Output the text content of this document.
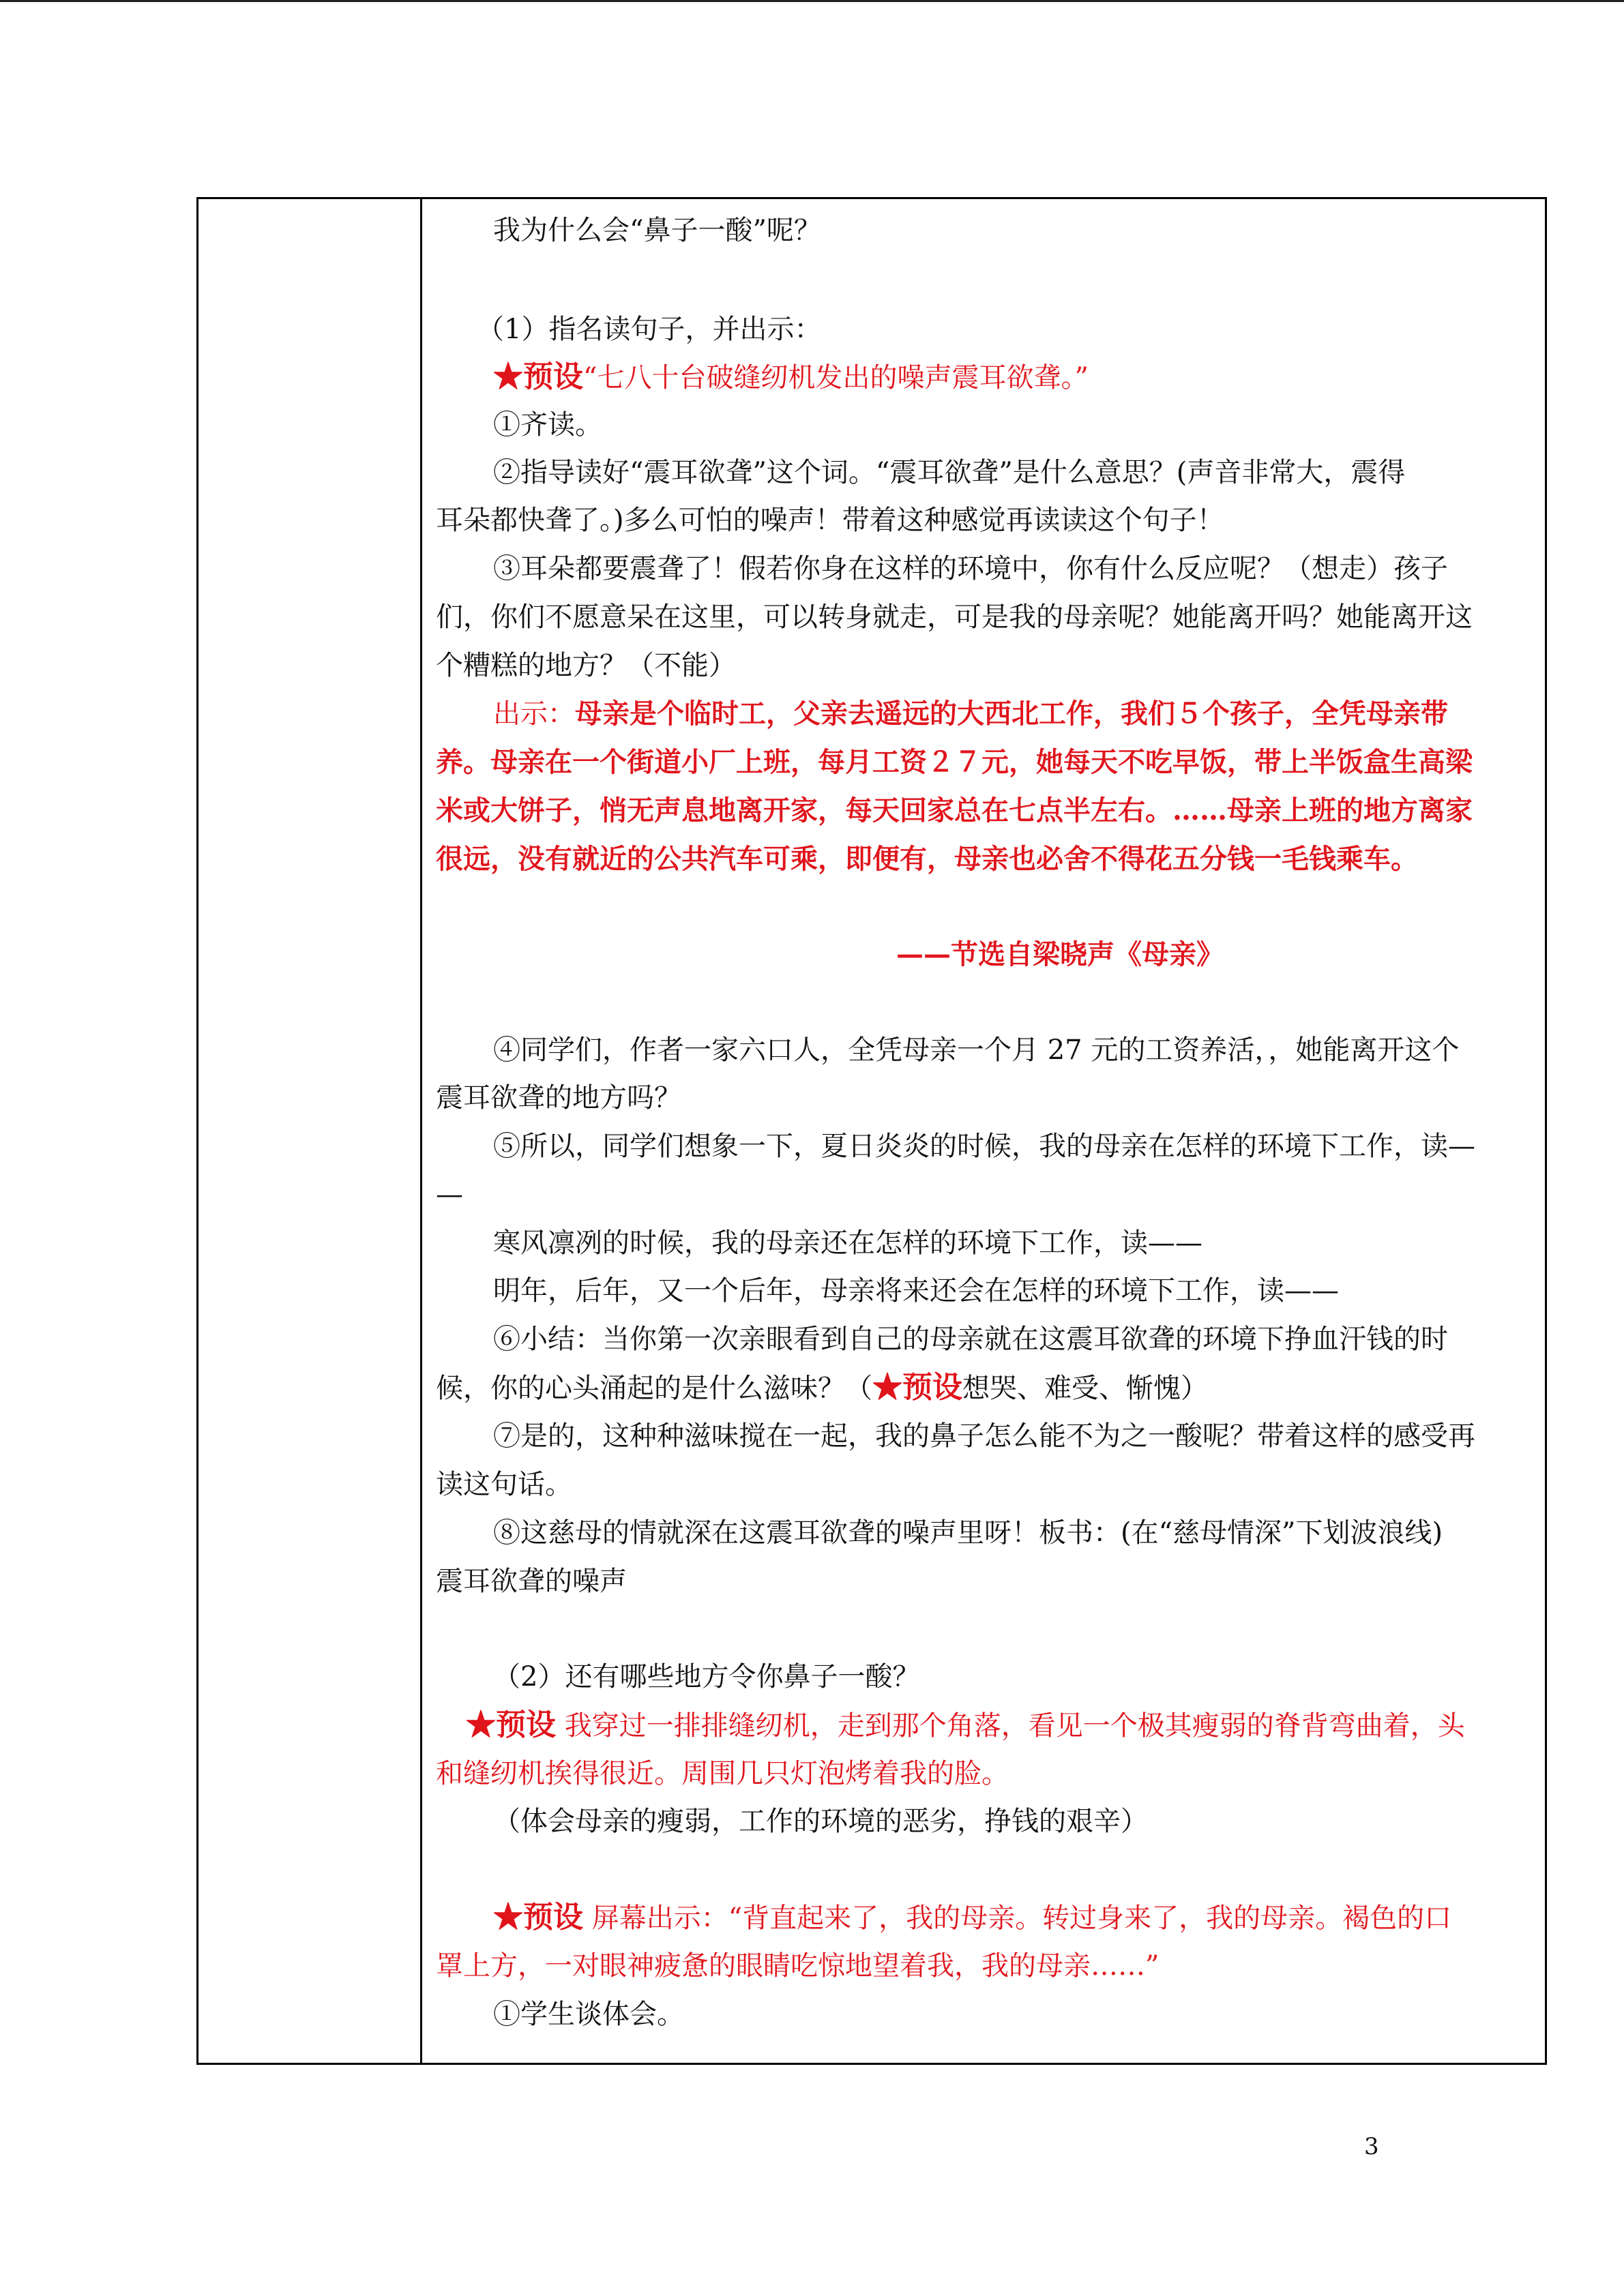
我为什么会“鼻子一酸”呢？
（1）指名读句子，并出示：
★预设“七八十台破缝纫机发出的噪声震耳欲聋。”
①齐读。
②指导读好“震耳欲聋”这个词。“震耳欲聋”是什么意思？(声音非常大，震得
耳朵都快聋了。)多么可怕的噪声！带着这种感觉再读读这个句子！
③耳朵都要震聋了！假若你身在这样的环境中，你有什么反应呢？（想走）孩子
们，你们不愿意呆在这里，可以转身就走，可是我的母亲呢？她能离开吗？她能离开这
个糟糕的地方？（不能）
出示：母亲是个临时工，父亲去遥远的大西北工作，我们５个孩子，全凭母亲带
养。母亲在一个街道小厂上班，每月工资２７元，她每天不吃早饭，带上半饭盒生高梁
米或大饼子，悄无声息地离开家，每天回家总在七点半左右。……母亲上班的地方离家
很远，没有就近的公共汽车可乘，即便有，母亲也必舍不得花五分钱一毛钱乘车。
——节选自梁晓声《母亲》
④同学们，作者一家六口人，全凭母亲一个月 27 元的工资养活，，她能离开这个
震耳欲聋的地方吗？
⑤所以，同学们想象一下，夏日炎炎的时候，我的母亲在怎样的环境下工作，读—
—
寒风凛冽的时候，我的母亲还在怎样的环境下工作，读——
明年，后年，又一个后年，母亲将来还会在怎样的环境下工作，读——
⑥小结：当你第一次亲眼看到自己的母亲就在这震耳欲聋的环境下挣血汗钱的时
候，你的心头涌起的是什么滋味？（★预设想哭、难受、惭愧）
⑦是的，这种种滋味搅在一起，我的鼻子怎么能不为之一酸呢？带着这样的感受再
读这句话。
⑧这慈母的情就深在这震耳欲聋的噪声里呀！板书：(在“慈母情深”下划波浪线)
震耳欲聋的噪声
（2）还有哪些地方令你鼻子一酸？
★预设 我穿过一排排缝纫机，走到那个角落，看见一个极其瘦弱的脊背弯曲着，头
和缝纫机挨得很近。周围几只灯泡烤着我的脸。
（体会母亲的瘦弱，工作的环境的恶劣，挣钱的艰辛）
★预设 屏幕出示：“背直起来了，我的母亲。转过身来了，我的母亲。褐色的口
罩上方，一对眼神疲惫的眼睛吃惊地望着我，我的母亲……”
①学生谈体会。
3
